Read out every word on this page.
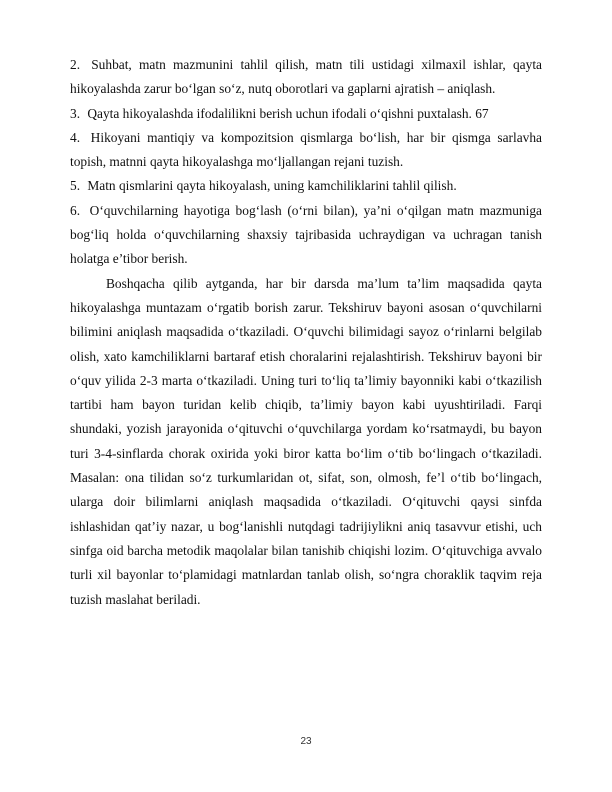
2. Suhbat, matn mazmunini tahlil qilish, matn tili ustidagi xilmaxil ishlar, qayta hikoyalashda zarur boʻlgan soʻz, nutq oborotlari va gaplarni ajratish – aniqlash.

3. Qayta hikoyalashda ifodalilikni berish uchun ifodali oʻqishni puxtalash. 67

4. Hikoyani mantiqiy va kompozitsion qismlarga boʻlish, har bir qismga sarlavha topish, matnni qayta hikoyalashga moʻljallangan rejani tuzish.

5. Matn qismlarini qayta hikoyalash, uning kamchiliklarini tahlil qilish.

6. Oʻquvchilarning hayotiga bogʻlash (oʻrni bilan), ya’ni oʻqilgan matn mazmuniga bogʻliq holda oʻquvchilarning shaxsiy tajribasida uchraydigan va uchragan tanish holatga e’tibor berish.

Boshqacha qilib aytganda, har bir darsda ma’lum ta’lim maqsadida qayta hikoyalashga muntazam oʻrgatib borish zarur. Tekshiruv bayoni asosan oʻquvchilarni bilimini aniqlash maqsadida oʻtkaziladi. Oʻquvchi bilimidagi sayoz oʻrinlarni belgilab olish, xato kamchiliklarni bartaraf etish choralarini rejalashtirish. Tekshiruv bayoni bir oʻquv yilida 2-3 marta oʻtkaziladi. Uning turi toʻliq ta’limiy bayonniki kabi oʻtkazilish tartibi ham bayon turidan kelib chiqib, ta’limiy bayon kabi uyushtiriladi. Farqi shundaki, yozish jarayonida oʻqituvchi oʻquvchilarga yordam koʻrsatmaydi, bu bayon turi 3-4-sinflarda chorak oxirida yoki biror katta boʻlim oʻtib boʻlingach oʻtkaziladi. Masalan: ona tilidan soʻz turkumlaridan ot, sifat, son, olmosh, fe’l oʻtib boʻlingach, ularga doir bilimlarni aniqlash maqsadida oʻtkaziladi. Oʻqituvchi qaysi sinfda ishlashidan qat’iy nazar, u bogʻlanishli nutqdagi tadrijiylikni aniq tasavvur etishi, uch sinfga oid barcha metodik maqolalar bilan tanishib chiqishi lozim. Oʻqituvchiga avvalo turli xil bayonlar toʻplamidagi matnlardan tanlab olish, soʻngra choraklik taqvim reja tuzish maslahat beriladi.

23
